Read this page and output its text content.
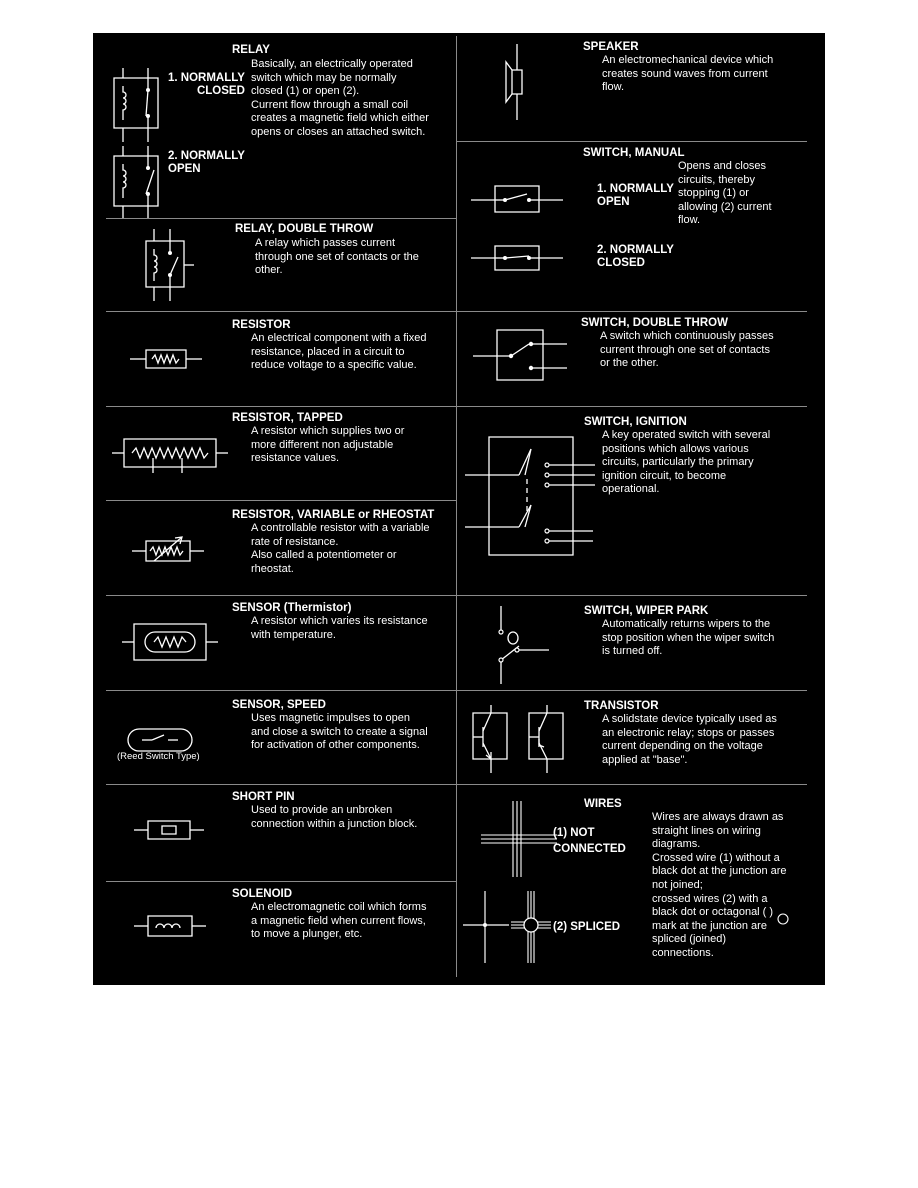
RELAY
Basically, an electrically operated
switch which may be normally
closed (1) or open (2).
Current flow through a small coil
creates a magnetic field which either
opens or closes an attached switch.
1. NORMALLY
CLOSED
2. NORMALLY
OPEN
RELAY, DOUBLE THROW
A relay which passes current
through one set of contacts or the
other.
RESISTOR
An electrical component with a fixed
resistance, placed in a circuit to
reduce voltage to a specific value.
RESISTOR, TAPPED
A resistor which supplies two or
more different non adjustable
resistance values.
RESISTOR, VARIABLE or RHEOSTAT
A controllable resistor with a variable
rate of resistance.
Also called a potentiometer or
rheostat.
SENSOR (Thermistor)
A resistor which varies its resistance
with temperature.
SENSOR, SPEED
Uses magnetic impulses to open
and close a switch to create a signal
for activation of other components.
(Reed Switch Type)
SHORT PIN
Used to provide an unbroken
connection within a junction block.
SOLENOID
An electromagnetic coil which forms
a magnetic field when current flows,
to move a plunger, etc.
SPEAKER
An electromechanical device which
creates sound waves from current
flow.
SWITCH, MANUAL
Opens and closes
circuits, thereby
stopping (1) or
allowing (2) current
flow.
1. NORMALLY
OPEN
2. NORMALLY
CLOSED
SWITCH, DOUBLE THROW
A switch which continuously passes
current through one set of contacts
or the other.
SWITCH, IGNITION
A key operated switch with several
positions which allows various
circuits, particularly the primary
ignition circuit, to become
operational.
SWITCH, WIPER PARK
Automatically returns wipers to the
stop position when the wiper switch
is turned off.
TRANSISTOR
A solidstate device typically used as
an electronic relay; stops or passes
current depending on the voltage
applied at "base".
WIRES
Wires are always drawn as
straight lines on wiring
diagrams.
Crossed wire (1) without a
black dot at the junction are
not joined;
crossed wires (2) with a
black dot or octagonal ( )
mark at the junction are
spliced (joined)
connections.
(1) NOT
CONNECTED
(2) SPLICED
